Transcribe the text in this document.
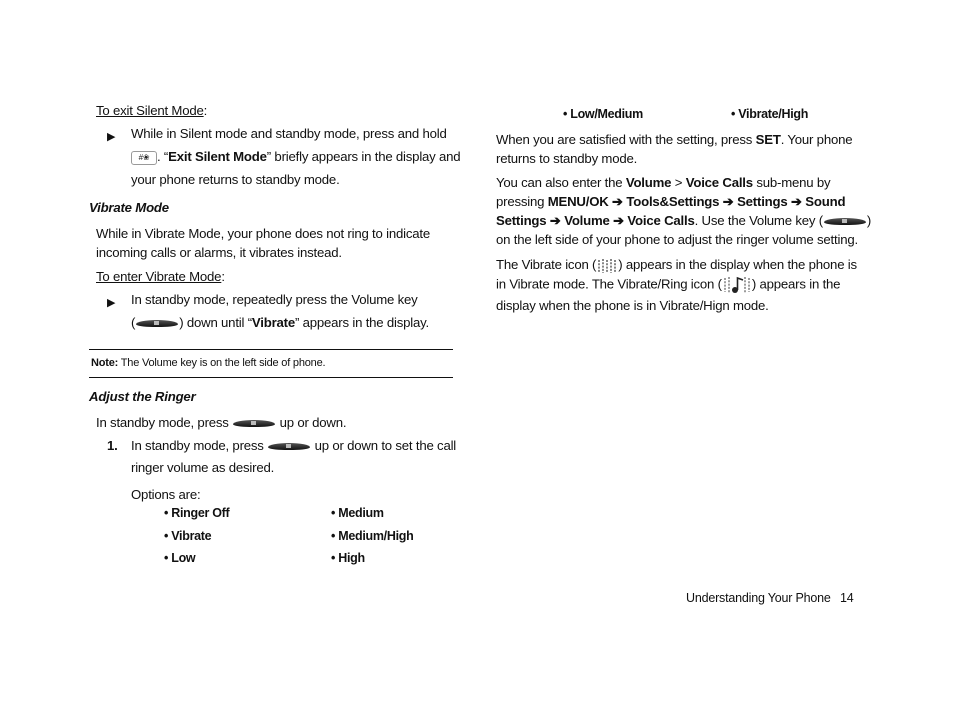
To exit Silent Mode:
▶ While in Silent mode and standby mode, press and hold
#❀ . “Exit Silent Mode” briefly appears in the display and
your phone returns to standby mode.
Vibrate Mode
While in Vibrate Mode, your phone does not ring to indicate
incoming calls or alarms, it vibrates instead.
To enter Vibrate Mode:
▶ In standby mode, repeatedly press the Volume key
(	) down until “Vibrate” appears in the display.
Note: The Volume key is on the left side of phone.
Adjust the Ringer
In standby mode, press	up or down.
1. In standby mode, press	up or down to set the call
ringer volume as desired.
Options are:
• Ringer Off
• Vibrate
• Low
• Medium
• Medium/High
• High
• Low/Medium	• Vibrate/High
When you are satisfied with the setting, press SET. Your phone
returns to standby mode.
You can also enter the Volume > Voice Calls sub-menu by
pressing MENU/OK ➔ Tools&Settings ➔ Settings ➔ Sound
Settings ➔ Volume ➔ Voice Calls. Use the Volume key (	)
on the left side of your phone to adjust the ringer volume setting.
The Vibrate icon ( ) appears in the display when the phone is
in Vibrate mode. The Vibrate/Ring icon ( ) appears in the
display when the phone is in Vibrate/Hign mode.
Understanding Your Phone 14
